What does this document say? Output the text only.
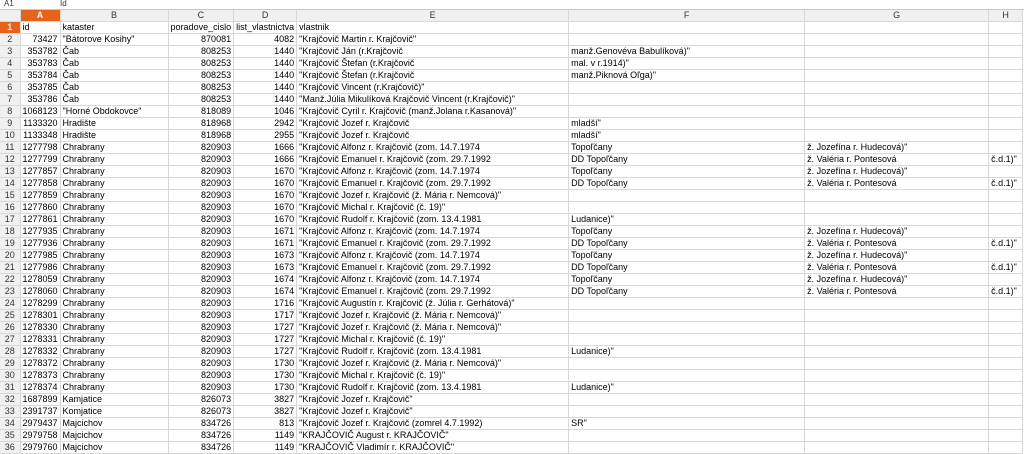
A1	Id
	A	B	C	D	E	F	G	H
1	id	kataster	poradove_cislo	list_vlastnictva	vlastnik			
2	73427	"Bátorove Kosihy"	870081	4082	"Krajčovič Martin r. Krajčovič"			
3	353782	Čab	808253	1440	"Krajčovič Ján (r.Krajčovič	manž.Genovéva Babulíková)"		
4	353783	Čab	808253	1440	"Krajčovič Štefan (r.Krajčovič	mal. v r.1914)"		
5	353784	Čab	808253	1440	"Krajčovič Štefan (r.Krajčovič	manž.Piknová Oľga)"		
6	353785	Čab	808253	1440	"Krajčovič Vincent (r.Krajčovič)"			
7	353786	Čab	808253	1440	"Manž.Júlia Mikulíková Krajčovič Vincent (r.Krajčovič)"			
8	1068123	"Horné Obdokovce"	818089	1046	"Krajčovič Cyril r. Krajčovič (manž.Jolana r.Kasanová)"			
9	1133320	Hradište	818968	2942	"Krajčovič Jozef r. Krajčovič	mladší"		
10	1133348	Hradište	818968	2955	"Krajčovič Jozef r. Krajčovič	mladší"		
11	1277798	Chrabrany	820903	1666	"Krajčovič Alfonz r. Krajčovič (zom. 14.7.1974	Topoľčany	ž. Jozefína r. Hudecová)"	
12	1277799	Chrabrany	820903	1666	"Krajčovič Emanuel r. Krajčovič (zom. 29.7.1992	DD Topoľčany	ž. Valéria r. Pontesová	č.d.1)"
13	1277857	Chrabrany	820903	1670	"Krajčovič Alfonz r. Krajčovič (zom. 14.7.1974	Topoľčany	ž. Jozefína r. Hudecová)"	
14	1277858	Chrabrany	820903	1670	"Krajčovič Emanuel r. Krajčovič (zom. 29.7.1992	DD Topoľčany	ž. Valéria r. Pontesová	č.d.1)"
15	1277859	Chrabrany	820903	1670	"Krajčovič Jozef r. Krajčovič (ž. Mária r. Nemcová)"			
16	1277860	Chrabrany	820903	1670	"Krajčovič Michal r. Krajčovič (č. 19)"			
17	1277861	Chrabrany	820903	1670	"Krajčovič Rudolf r. Krajčovič (zom. 13.4.1981	Ludanice)"		
18	1277935	Chrabrany	820903	1671	"Krajčovič Alfonz r. Krajčovič (zom. 14.7.1974	Topoľčany	ž. Jozefína r. Hudecová)"	
19	1277936	Chrabrany	820903	1671	"Krajčovič Emanuel r. Krajčovič (zom. 29.7.1992	DD Topoľčany	ž. Valéria r. Pontesová	č.d.1)"
20	1277985	Chrabrany	820903	1673	"Krajčovič Alfonz r. Krajčovič (zom. 14.7.1974	Topoľčany	ž. Jozefína r. Hudecová)"	
21	1277986	Chrabrany	820903	1673	"Krajčovič Emanuel r. Krajčovič (zom. 29.7.1992	DD Topoľčany	ž. Valéria r. Pontesová	č.d.1)"
22	1278059	Chrabrany	820903	1674	"Krajčovič Alfonz r. Krajčovič (zom. 14.7.1974	Topoľčany	ž. Jozefína r. Hudecová)"	
23	1278060	Chrabrany	820903	1674	"Krajčovič Emanuel r. Krajčovič (zom. 29.7.1992	DD Topoľčany	ž. Valéria r. Pontesová	č.d.1)"
24	1278299	Chrabrany	820903	1716	"Krajčovič Augustín r. Krajčovič (ž. Júlia r. Gerhátová)"			
25	1278301	Chrabrany	820903	1717	"Krajčovič Jozef r. Krajčovič (ž. Mária r. Nemcová)"			
26	1278330	Chrabrany	820903	1727	"Krajčovič Jozef r. Krajčovič (ž. Mária r. Nemcová)"			
27	1278331	Chrabrany	820903	1727	"Krajčovič Michal r. Krajčovič (č. 19)"			
28	1278332	Chrabrany	820903	1727	"Krajčovič Rudolf r. Krajčovič (zom. 13.4.1981	Ludanice)"		
29	1278372	Chrabrany	820903	1730	"Krajčovič Jozef r. Krajčovič (ž. Mária r. Nemcová)"			
30	1278373	Chrabrany	820903	1730	"Krajčovič Michal r. Krajčovič (č. 19)"			
31	1278374	Chrabrany	820903	1730	"Krajčovič Rudolf r. Krajčovič (zom. 13.4.1981	Ludanice)"		
32	1687899	Kamjatice	826073	3827	"Krajčovič Jozef r. Krajčovič"			
33	2391737	Komjatice	826073	3827	"Krajčovič Jozef r. Krajčovič"			
34	2979437	Majcichov	834726	813	"Krajčovič Jozef r. Krajčovič (zomrel 4.7.1992)	SR"		
35	2979758	Majcichov	834726	1149	"KRAJČOVIČ August r. KRAJČOVIČ"			
36	2979760	Majcichov	834726	1149	"KRAJČOVIČ Vladimír r. KRAJČOVIČ"			
